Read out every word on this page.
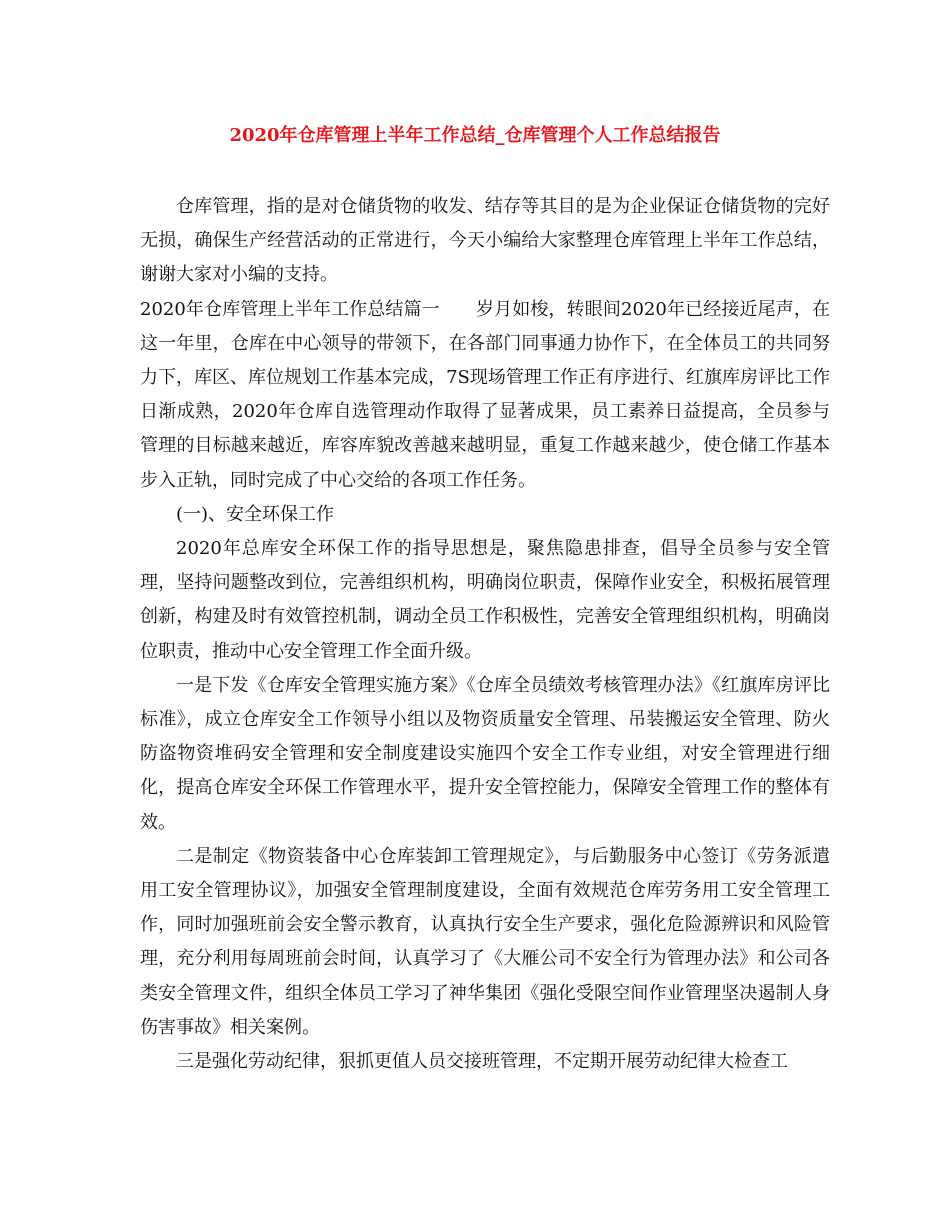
2020年仓库管理上半年工作总结_仓库管理个人工作总结报告

仓库管理，指的是对仓储货物的收发、结存等其目的是为企业保证仓储货物的完好无损，确保生产经营活动的正常进行，今天小编给大家整理仓库管理上半年工作总结，谢谢大家对小编的支持。

2020年仓库管理上半年工作总结篇一　　岁月如梭，转眼间2020年已经接近尾声，在这一年里，仓库在中心领导的带领下，在各部门同事通力协作下，在全体员工的共同努力下，库区、库位规划工作基本完成，7S现场管理工作正有序进行、红旗库房评比工作日渐成熟，2020年仓库自选管理动作取得了显著成果，员工素养日益提高，全员参与管理的目标越来越近，库容库貌改善越来越明显，重复工作越来越少，使仓储工作基本步入正轨，同时完成了中心交给的各项工作任务。

(一)、安全环保工作

2020年总库安全环保工作的指导思想是，聚焦隐患排查，倡导全员参与安全管理，坚持问题整改到位，完善组织机构，明确岗位职责，保障作业安全，积极拓展管理创新，构建及时有效管控机制，调动全员工作积极性，完善安全管理组织机构，明确岗位职责，推动中心安全管理工作全面升级。

一是下发《仓库安全管理实施方案》《仓库全员绩效考核管理办法》《红旗库房评比标准》，成立仓库安全工作领导小组以及物资质量安全管理、吊装搬运安全管理、防火防盗物资堆码安全管理和安全制度建设实施四个安全工作专业组，对安全管理进行细化，提高仓库安全环保工作管理水平，提升安全管控能力，保障安全管理工作的整体有效。

二是制定《物资装备中心仓库装卸工管理规定》，与后勤服务中心签订《劳务派遣用工安全管理协议》，加强安全管理制度建设，全面有效规范仓库劳务用工安全管理工作，同时加强班前会安全警示教育，认真执行安全生产要求，强化危险源辨识和风险管理，充分利用每周班前会时间，认真学习了《大雁公司不安全行为管理办法》和公司各类安全管理文件，组织全体员工学习了神华集团《强化受限空间作业管理坚决遏制人身伤害事故》相关案例。

三是强化劳动纪律，狠抓更值人员交接班管理，不定期开展劳动纪律大检查工
